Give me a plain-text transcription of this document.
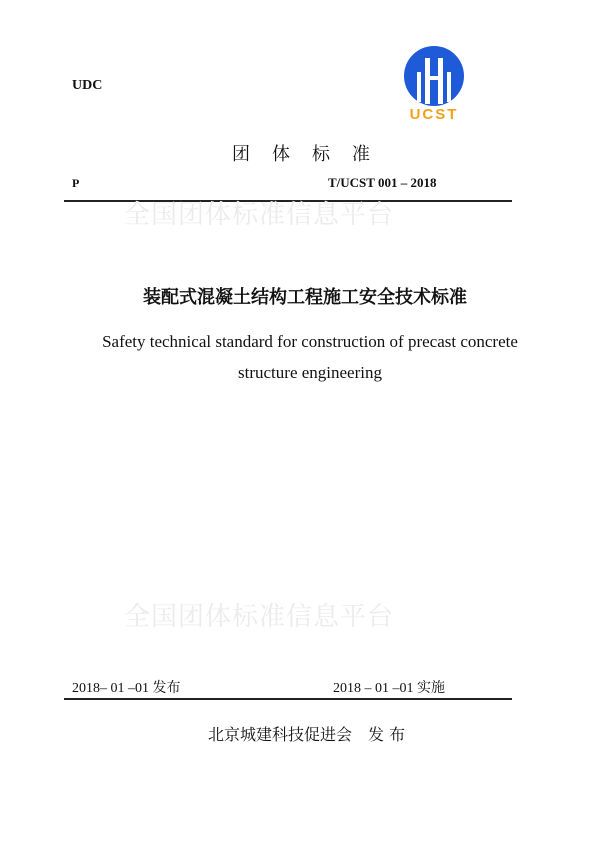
UDC
UCST
团体标准
P	T/UCST 001 – 2018
全国团体标准信息平台
装配式混凝土结构工程施工安全技术标准
Safety technical standard for construction of precast concrete structure engineering
全国团体标准信息平台
2018– 01 –01 发布	2018 – 01 –01 实施
北京城建科技促进会　发 布
